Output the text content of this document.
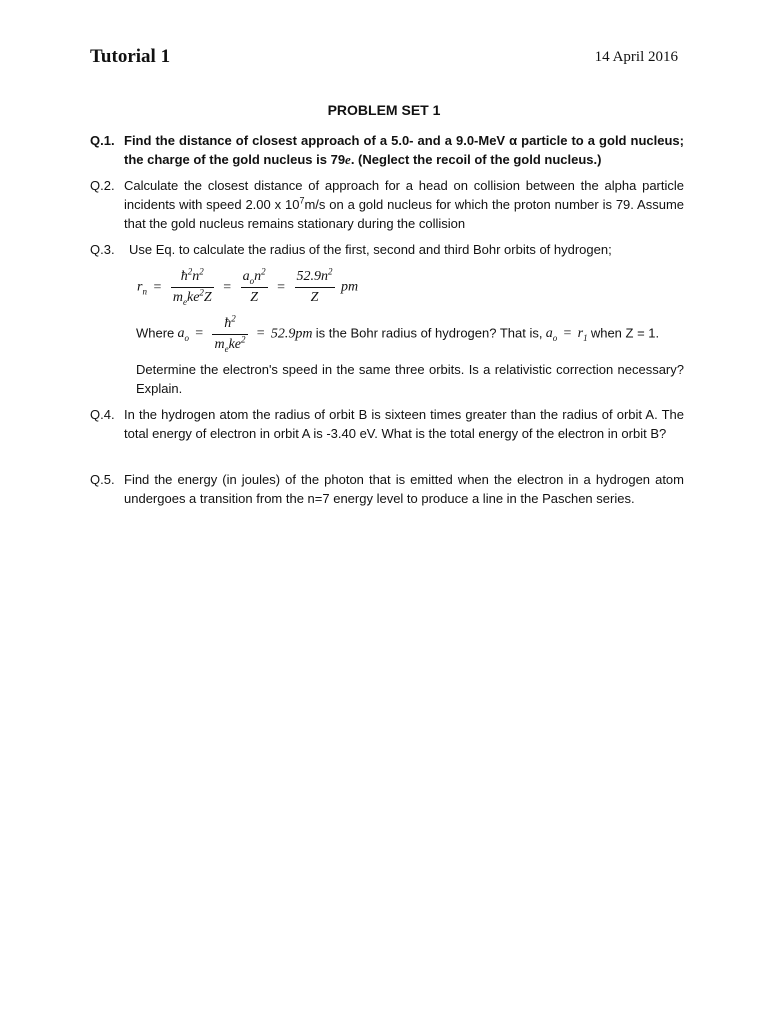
Tutorial 1	14 April 2016
PROBLEM SET 1
Q.1. Find the distance of closest approach of a 5.0- and a 9.0-MeV α particle to a gold nucleus; the charge of the gold nucleus is 79e. (Neglect the recoil of the gold nucleus.)
Q.2. Calculate the closest distance of approach for a head on collision between the alpha particle incidents with speed 2.00 x $10^7m/s$ on a gold nucleus for which the proton number is 79. Assume that the gold nucleus remains stationary during the collision
Q.3.	Use Eq. to calculate the radius of the first, second and third Bohr orbits of hydrogen;
$r_n = \frac{ħ^2n^2}{m_eke^2Z} = \frac{a_on^2}{Z} = \frac{52.9n^2}{Z}$ pm
Where $a_o = \frac{ħ^2}{m_eke^2} = 52.9pm$ is the Bohr radius of hydrogen? That is, $a_o = r_1$ when Z = 1.
Determine the electron's speed in the same three orbits. Is a relativistic correction necessary? Explain.
Q.4. In the hydrogen atom the radius of orbit B is sixteen times greater than the radius of orbit A. The total energy of electron in orbit A is -3.40 eV. What is the total energy of the electron in orbit B?
Q.5. Find the energy (in joules) of the photon that is emitted when the electron in a hydrogen atom undergoes a transition from the n=7 energy level to produce a line in the Paschen series.
